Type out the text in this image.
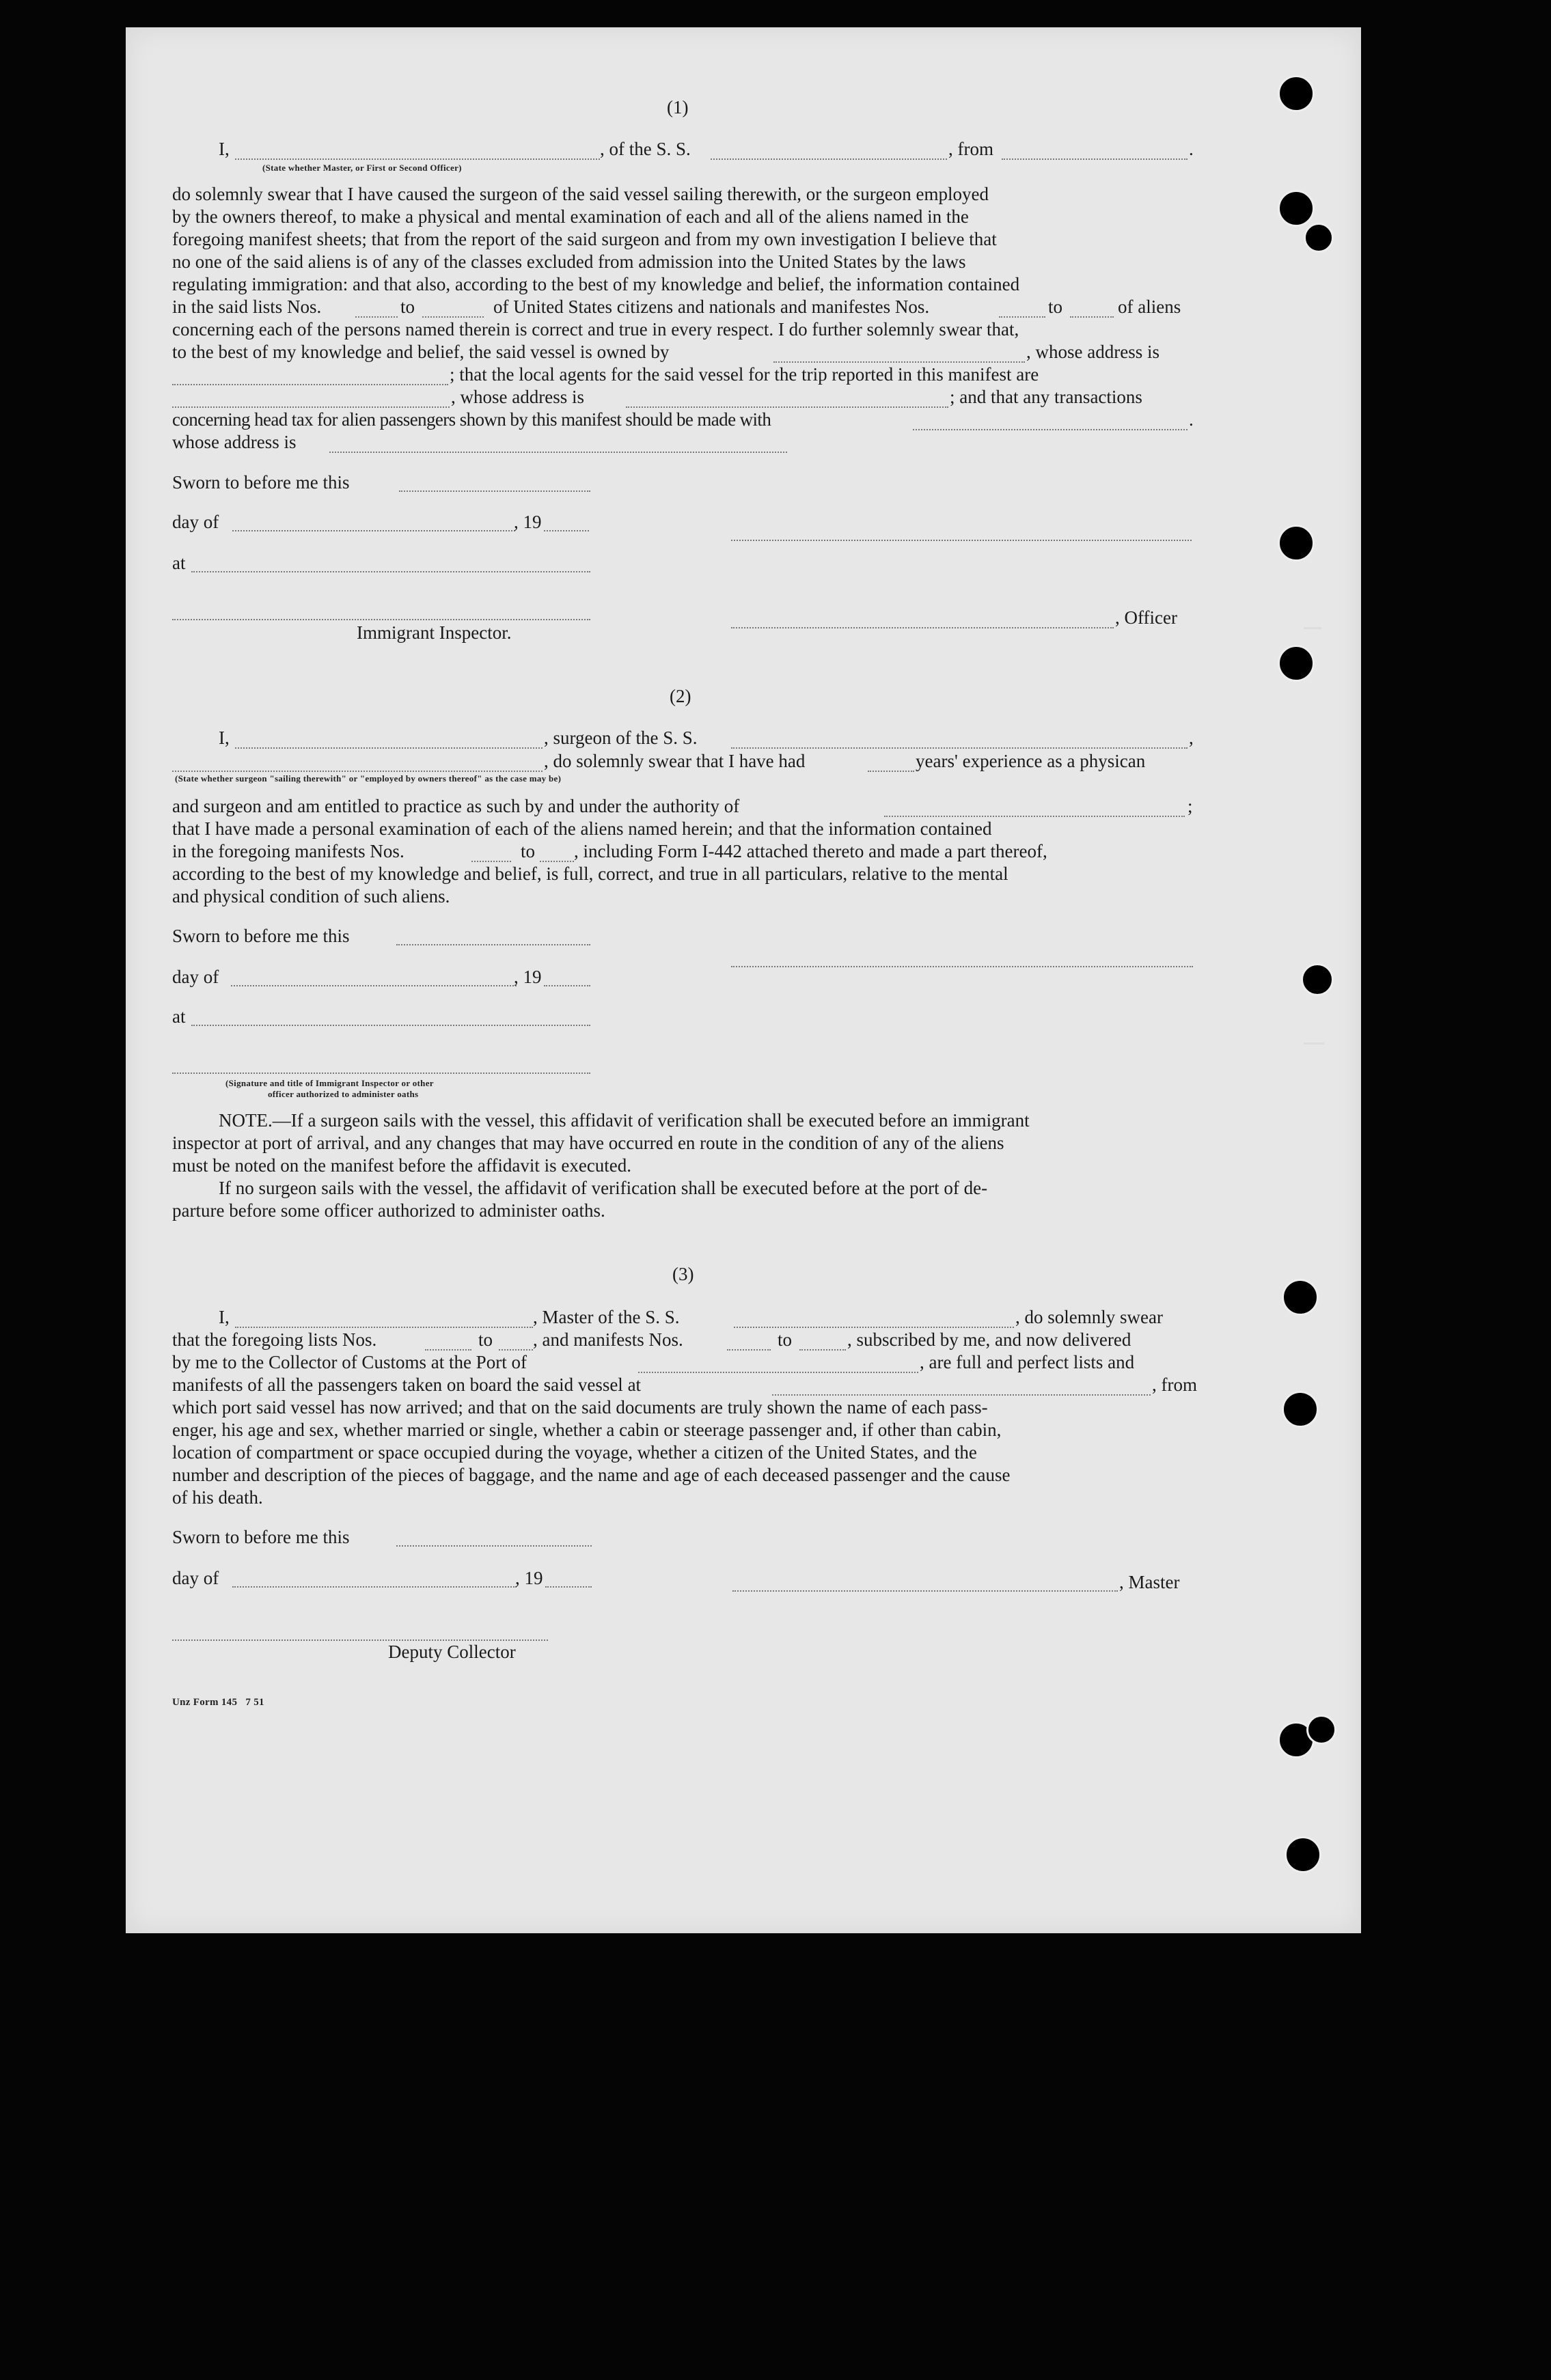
(1)
I,	, of the S. S.	, from	.
(State whether Master, or First or Second Officer)
do solemnly swear that I have caused the surgeon of the said vessel sailing therewith, or the surgeon employed
by the owners thereof, to make a physical and mental examination of each and all of the aliens named in the
foregoing manifest sheets; that from the report of the said surgeon and from my own investigation I believe that
no one of the said aliens is of any of the classes excluded from admission into the United States by the laws
regulating immigration: and that also, according to the best of my knowledge and belief, the information contained
in the said lists Nos.	to	of United States citizens and nationals and manifestes Nos.	to	of aliens
concerning each of the persons named therein is correct and true in every respect. I do further solemnly swear that,
to the best of my knowledge and belief, the said vessel is owned by	, whose address is
; that the local agents for the said vessel for the trip reported in this manifest are
, whose address is	; and that any transactions
concerning head tax for alien passengers shown by this manifest should be made with	.
whose address is
Sworn to before me this
day of	, 19
at
, Officer
Immigrant Inspector.
(2)
I,	, surgeon of the S. S.	,
, do solemnly swear that I have had	years' experience as a physican
(State whether surgeon "sailing therewith" or "employed by owners thereof" as the case may be)
and surgeon and am entitled to practice as such by and under the authority of	;
that I have made a personal examination of each of the aliens named herein; and that the information contained
in the foregoing manifests Nos.	to , including Form I-442 attached thereto and made a part thereof,
according to the best of my knowledge and belief, is full, correct, and true in all particulars, relative to the mental
and physical condition of such aliens.
Sworn to before me this
day of	, 19
at
(Signature and title of Immigrant Inspector or other
officer authorized to administer oaths
NOTE.—If a surgeon sails with the vessel, this affidavit of verification shall be executed before an immigrant
inspector at port of arrival, and any changes that may have occurred en route in the condition of any of the aliens
must be noted on the manifest before the affidavit is executed.
If no surgeon sails with the vessel, the affidavit of verification shall be executed before at the port of de-
parture before some officer authorized to administer oaths.
(3)
I,	, Master of the S. S.	, do solemnly swear
that the foregoing lists Nos.	to , and manifests Nos.	to	, subscribed by me, and now delivered
by me to the Collector of Customs at the Port of	, are full and perfect lists and
manifests of all the passengers taken on board the said vessel at	, from
which port said vessel has now arrived; and that on the said documents are truly shown the name of each pass-
enger, his age and sex, whether married or single, whether a cabin or steerage passenger and, if other than cabin,
location of compartment or space occupied during the voyage, whether a citizen of the United States, and the
number and description of the pieces of baggage, and the name and age of each deceased passenger and the cause
of his death.
Sworn to before me this
day of	, 19	, Master
Deputy Collector
Unz Form 145   7 51
